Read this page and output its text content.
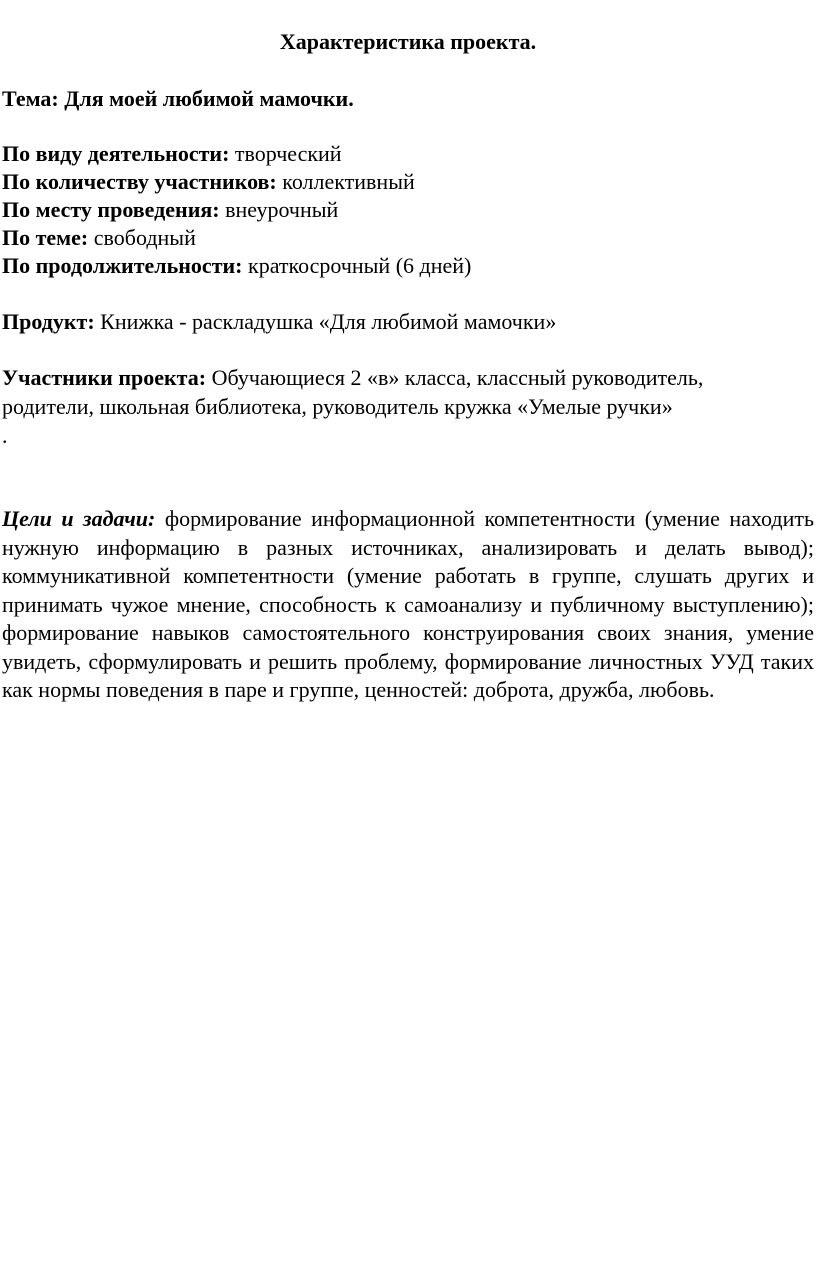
Характеристика проекта.
Тема: Для моей любимой мамочки.
По виду деятельности: творческий
По количеству участников: коллективный
По месту проведения: внеурочный
По теме: свободный
По продолжительности: краткосрочный (6 дней)
Продукт: Книжка - раскладушка «Для любимой мамочки»
Участники проекта: Обучающиеся 2 «в» класса, классный руководитель,
родители, школьная библиотека, руководитель кружка «Умелые ручки»
.
Цели и задачи: формирование информационной компетентности (умение находить нужную информацию в разных источниках, анализировать и делать вывод); коммуникативной компетентности (умение работать в группе, слушать других и принимать чужое мнение, способность к самоанализу и публичному выступлению); формирование навыков самостоятельного конструирования своих знания, умение увидеть, сформулировать и решить проблему, формирование личностных УУД таких как нормы поведения в паре и группе, ценностей: доброта, дружба, любовь.
